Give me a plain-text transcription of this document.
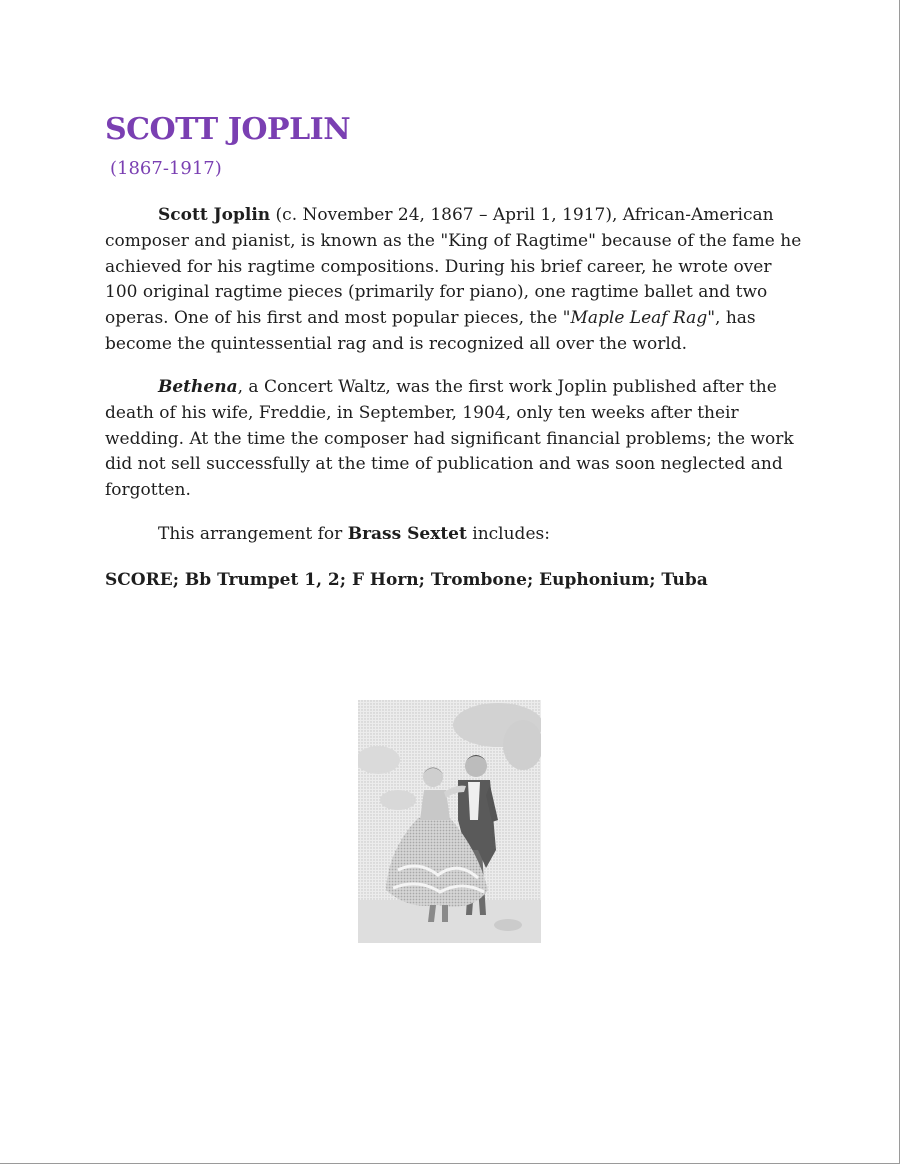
SCOTT JOPLIN
(1867-1917)

Scott Joplin (c. November 24, 1867 – April 1, 1917), African-American composer and pianist, is known as the "King of Ragtime" because of the fame he achieved for his ragtime compositions. During his brief career, he wrote over 100 original ragtime pieces (primarily for piano), one ragtime ballet and two operas. One of his first and most popular pieces, the "Maple Leaf Rag", has become the quintessential rag and is recognized all over the world.

Bethena, a Concert Waltz, was the first work Joplin published after the death of his wife, Freddie, in September, 1904, only ten weeks after their wedding. At the time the composer had significant financial problems; the work did not sell successfully at the time of publication and was soon neglected and forgotten.

This arrangement for Brass Sextet includes:

SCORE; Bb Trumpet 1, 2; F Horn; Trombone; Euphonium; Tuba
